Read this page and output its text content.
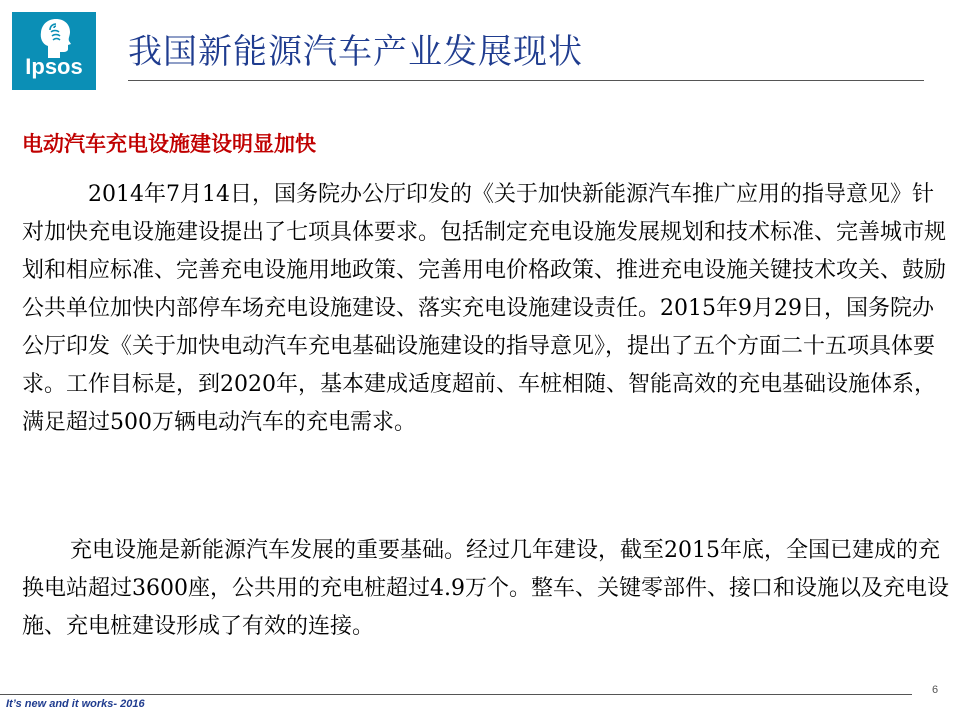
Ipsos	我国新能源汽车产业发展现状
电动汽车充电设施建设明显加快

2014年7月14日，国务院办公厅印发的《关于加快新能源汽车推广应用的指导意见》针对加快充电设施建设提出了七项具体要求。包括制定充电设施发展规划和技术标准、完善城市规划和相应标准、完善充电设施用地政策、完善用电价格政策、推进充电设施关键技术攻关、鼓励公共单位加快内部停车场充电设施建设、落实充电设施建设责任。2015年9月29日，国务院办公厅印发《关于加快电动汽车充电基础设施建设的指导意见》，提出了五个方面二十五项具体要求。工作目标是，到2020年，基本建成适度超前、车桩相随、智能高效的充电基础设施体系，满足超过500万辆电动汽车的充电需求。

充电设施是新能源汽车发展的重要基础。经过几年建设，截至2015年底，全国已建成的充换电站超过3600座，公共用的充电桩超过4.9万个。整车、关键零部件、接口和设施以及充电设施、充电桩建设形成了有效的连接。

6
It’s new and it works- 2016
